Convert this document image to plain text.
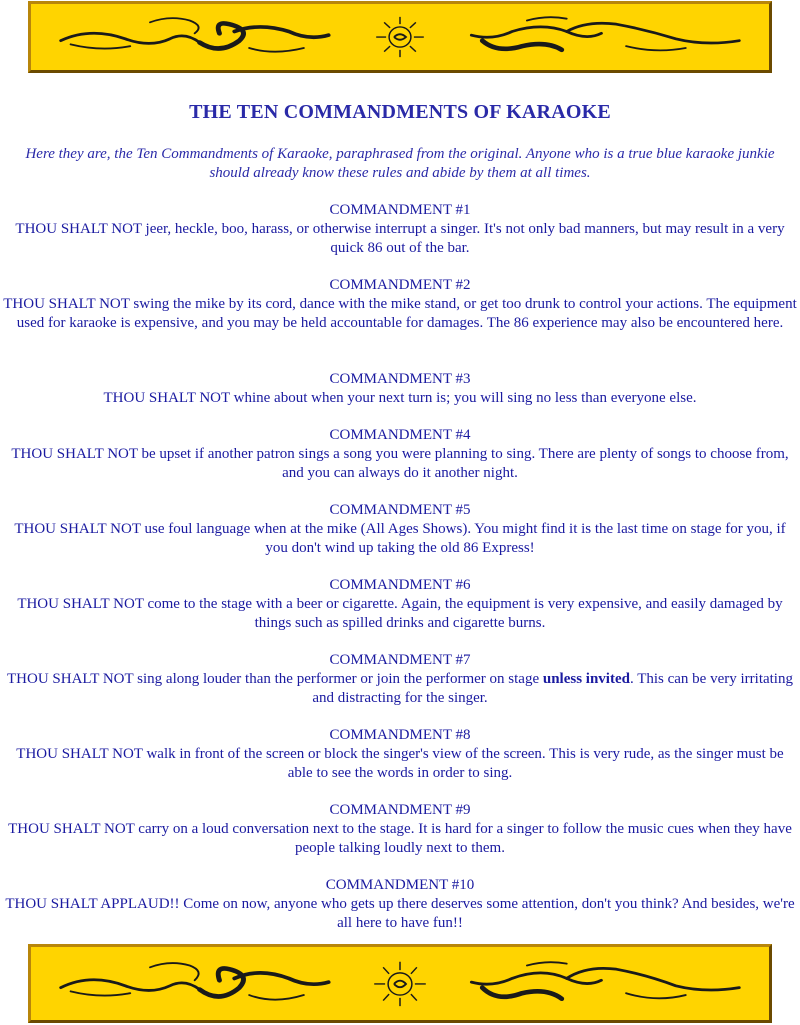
THE TEN COMMANDMENTS OF KARAOKE
Here they are, the Ten Commandments of Karaoke, paraphrased from the original. Anyone who is a true blue karaoke junkie should already know these rules and abide by them at all times.
COMMANDMENT #1
THOU SHALT NOT jeer, heckle, boo, harass, or otherwise interrupt a singer. It's not only bad manners, but may result in a very quick 86 out of the bar.
COMMANDMENT #2
THOU SHALT NOT swing the mike by its cord, dance with the mike stand, or get too drunk to control your actions. The equipment used for karaoke is expensive, and you may be held accountable for damages. The 86 experience may also be encountered here.
COMMANDMENT #3
THOU SHALT NOT whine about when your next turn is; you will sing no less than everyone else.
COMMANDMENT #4
THOU SHALT NOT be upset if another patron sings a song you were planning to sing. There are plenty of songs to choose from, and you can always do it another night.
COMMANDMENT #5
THOU SHALT NOT use foul language when at the mike (All Ages Shows). You might find it is the last time on stage for you, if you don't wind up taking the old 86 Express!
COMMANDMENT #6
THOU SHALT NOT come to the stage with a beer or cigarette. Again, the equipment is very expensive, and easily damaged by things such as spilled drinks and cigarette burns.
COMMANDMENT #7
THOU SHALT NOT sing along louder than the performer or join the performer on stage unless invited. This can be very irritating and distracting for the singer.
COMMANDMENT #8
THOU SHALT NOT walk in front of the screen or block the singer's view of the screen. This is very rude, as the singer must be able to see the words in order to sing.
COMMANDMENT #9
THOU SHALT NOT carry on a loud conversation next to the stage. It is hard for a singer to follow the music cues when they have people talking loudly next to them.
COMMANDMENT #10
THOU SHALT APPLAUD!! Come on now, anyone who gets up there deserves some attention, don't you think? And besides, we're all here to have fun!!
